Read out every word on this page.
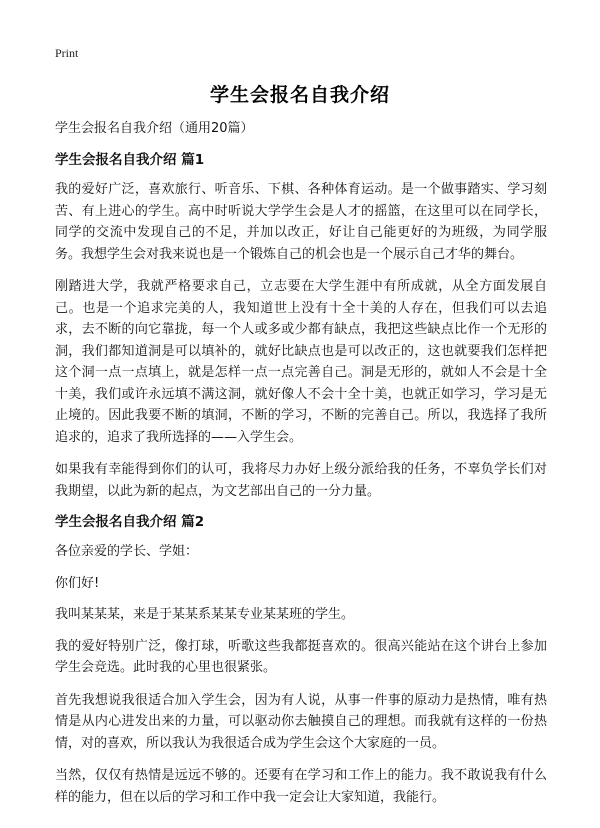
Print
学生会报名自我介绍
学生会报名自我介绍（通用20篇）
学生会报名自我介绍 篇1

我的爱好广泛，喜欢旅行、听音乐、下棋、各种体育运动。是一个做事踏实、学习刻苦、有上进心的学生。高中时听说大学学生会是人才的摇篮，在这里可以在同学长，同学的交流中发现自己的不足，并加以改正，好让自己能更好的为班级，为同学服务。我想学生会对我来说也是一个锻炼自己的机会也是一个展示自己才华的舞台。

刚踏进大学，我就严格要求自己，立志要在大学生涯中有所成就，从全方面发展自己。也是一个追求完美的人，我知道世上没有十全十美的人存在，但我们可以去追求，去不断的向它靠拢，每一个人或多或少都有缺点，我把这些缺点比作一个无形的洞，我们都知道洞是可以填补的，就好比缺点也是可以改正的，这也就要我们怎样把这个洞一点一点填上，就是怎样一点一点完善自己。洞是无形的，就如人不会是十全十美，我们或许永远填不满这洞，就好像人不会十全十美，也就正如学习，学习是无止境的。因此我要不断的填洞，不断的学习，不断的完善自己。所以，我选择了我所追求的，追求了我所选择的——入学生会。

如果我有幸能得到你们的认可，我将尽力办好上级分派给我的任务，不辜负学长们对我期望，以此为新的起点，为文艺部出自己的一分力量。

学生会报名自我介绍 篇2

各位亲爱的学长、学姐：

你们好!

我叫某某某，来是于某某系某某专业某某班的学生。

我的爱好特别广泛，像打球，听歌这些我都挺喜欢的。很高兴能站在这个讲台上参加学生会竞选。此时我的心里也很紧张。

首先我想说我很适合加入学生会，因为有人说，从事一件事的原动力是热情，唯有热情是从内心进发出来的力量，可以驱动你去触摸自己的理想。而我就有这样的一份热情，对的喜欢，所以我认为我很适合成为学生会这个大家庭的一员。

当然，仅仅有热情是远远不够的。还要有在学习和工作上的能力。我不敢说我有什么样的能力，但在以后的学习和工作中我一定会让大家知道，我能行。
